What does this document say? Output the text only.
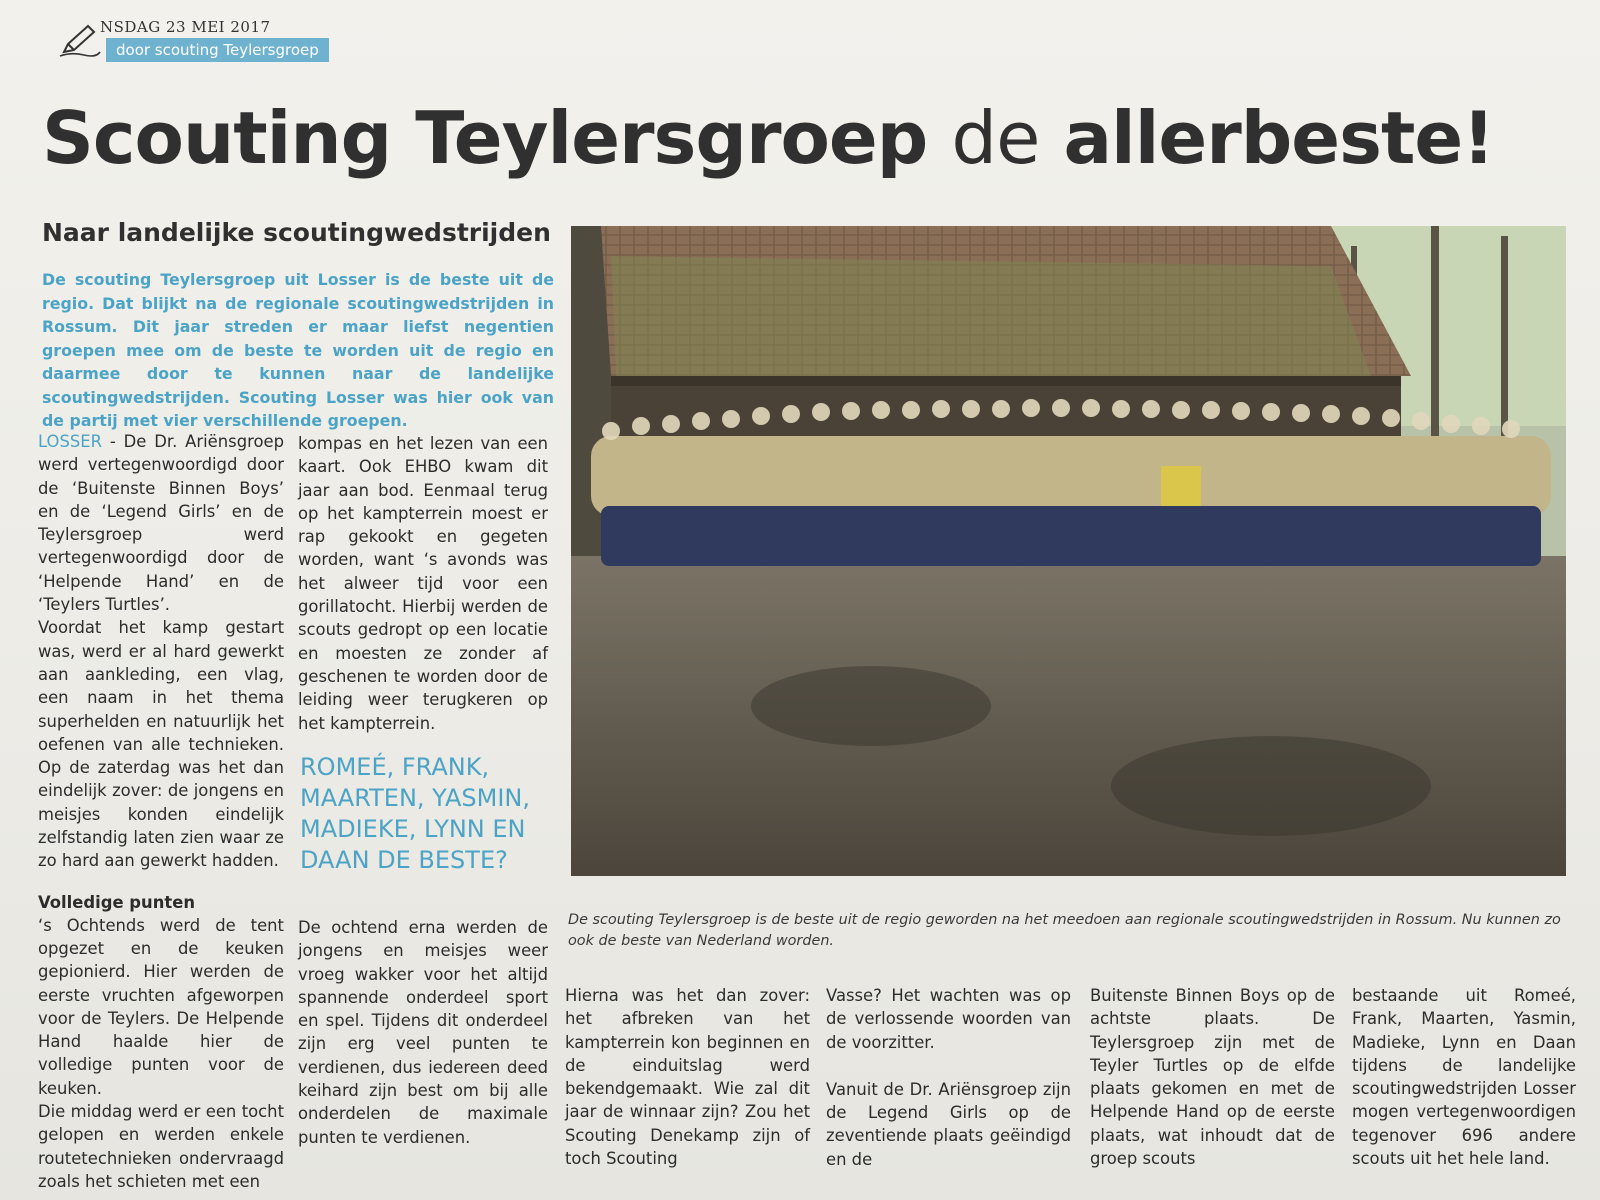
NSDAG 23 MEI 2017
door scouting Teylersgroep
Scouting Teylersgroep de allerbeste!
Naar landelijke scoutingwedstrijden

De scouting Teylersgroep uit Losser is de beste uit de regio. Dat blijkt na de regionale scoutingwedstrijden in Rossum. Dit jaar streden er maar liefst negentien groepen mee om de beste te worden uit de regio en daarmee door te kunnen naar de landelijke scoutingwedstrijden. Scouting Losser was hier ook van de partij met vier verschillende groepen.

LOSSER - De Dr. Ariënsgroep werd vertegenwoordigd door de ‘Buitenste Binnen Boys’ en de ‘Legend Girls’ en de Teylersgroep werd vertegenwoordigd door de ‘Helpende Hand’ en de ‘Teylers Turtles’.

Voordat het kamp gestart was, werd er al hard gewerkt aan aankleding, een vlag, een naam in het thema superhelden en natuurlijk het oefenen van alle technieken. Op de zaterdag was het dan eindelijk zover: de jongens en meisjes konden eindelijk zelfstandig laten zien waar ze zo hard aan gewerkt hadden.

Volledige punten

‘s Ochtends werd de tent opgezet en de keuken gepionierd. Hier werden de eerste vruchten afgeworpen voor de Teylers. De Helpende Hand haalde hier de volledige punten voor de keuken.

Die middag werd er een tocht gelopen en werden enkele routetechnieken ondervraagd zoals het schieten met een

kompas en het lezen van een kaart. Ook EHBO kwam dit jaar aan bod. Eenmaal terug op het kampterrein moest er rap gekookt en gegeten worden, want ‘s avonds was het alweer tijd voor een gorillatocht. Hierbij werden de scouts gedropt op een locatie en moesten ze zonder af geschenen te worden door de leiding weer terugkeren op het kampterrein.

ROMEÉ, FRANK, MAARTEN, YASMIN, MADIEKE, LYNN EN DAAN DE BESTE?

De ochtend erna werden de jongens en meisjes weer vroeg wakker voor het altijd spannende onderdeel sport en spel. Tijdens dit onderdeel zijn erg veel punten te verdienen, dus iedereen deed keihard zijn best om bij alle onderdelen de maximale punten te verdienen.

De scouting Teylersgroep is de beste uit de regio geworden na het meedoen aan regionale scoutingwedstrijden in Rossum. Nu kunnen zo ook de beste van Nederland worden.

Hierna was het dan zover: het afbreken van het kampterrein kon beginnen en de einduitslag werd bekendgemaakt. Wie zal dit jaar de winnaar zijn? Zou het Scouting Denekamp zijn of toch Scouting

Vasse? Het wachten was op de verlossende woorden van de voorzitter.

Vanuit de Dr. Ariënsgroep zijn de Legend Girls op de zeventiende plaats geëindigd en de

Buitenste Binnen Boys op de achtste plaats. De Teylersgroep zijn met de Teyler Turtles op de elfde plaats gekomen en met de Helpende Hand op de eerste plaats, wat inhoudt dat de groep scouts

bestaande uit Romeé, Frank, Maarten, Yasmin, Madieke, Lynn en Daan tijdens de landelijke scoutingwedstrijden Losser mogen vertegenwoordigen tegenover 696 andere scouts uit het hele land.
